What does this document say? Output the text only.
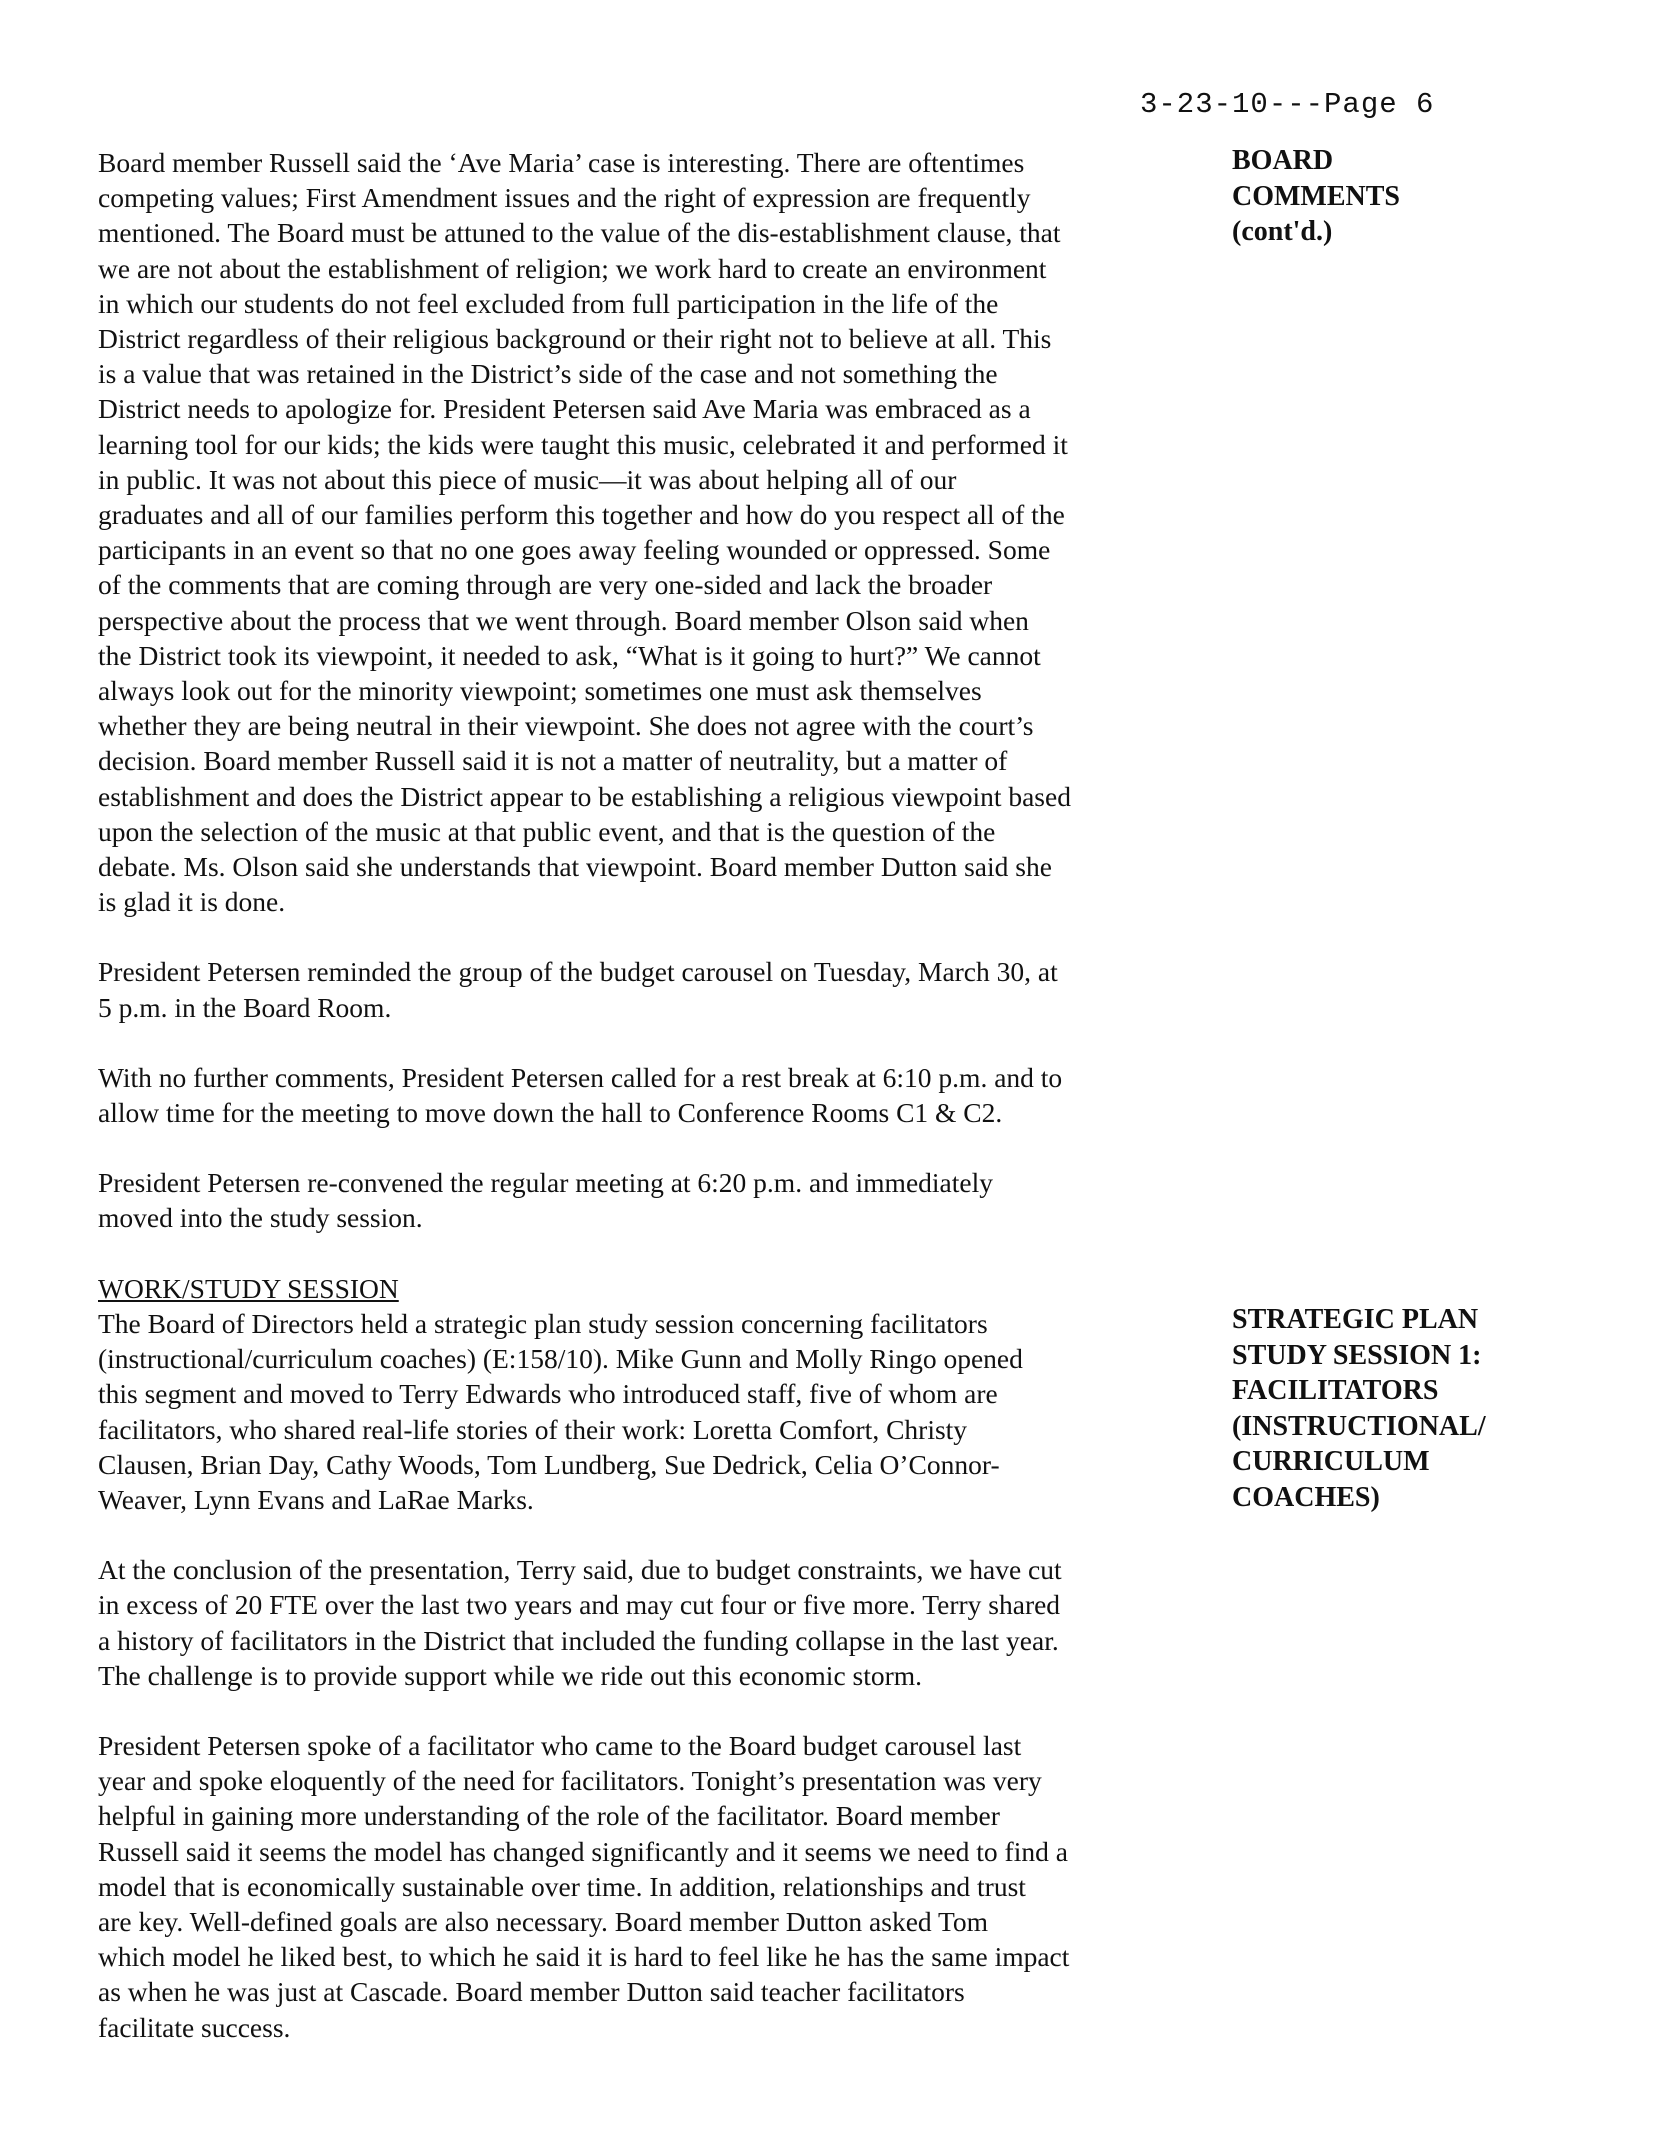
3-23-10---Page 6
BOARD
COMMENTS
(cont'd.)
STRATEGIC PLAN
STUDY SESSION 1:
FACILITATORS
(INSTRUCTIONAL/
CURRICULUM
COACHES)

Board member Russell said the ‘Ave Maria’ case is interesting. There are oftentimes
competing values; First Amendment issues and the right of expression are frequently
mentioned. The Board must be attuned to the value of the dis-establishment clause, that
we are not about the establishment of religion; we work hard to create an environment
in which our students do not feel excluded from full participation in the life of the
District regardless of their religious background or their right not to believe at all. This
is a value that was retained in the District’s side of the case and not something the
District needs to apologize for. President Petersen said Ave Maria was embraced as a
learning tool for our kids; the kids were taught this music, celebrated it and performed it
in public. It was not about this piece of music—it was about helping all of our
graduates and all of our families perform this together and how do you respect all of the
participants in an event so that no one goes away feeling wounded or oppressed. Some
of the comments that are coming through are very one-sided and lack the broader
perspective about the process that we went through. Board member Olson said when
the District took its viewpoint, it needed to ask, “What is it going to hurt?” We cannot
always look out for the minority viewpoint; sometimes one must ask themselves
whether they are being neutral in their viewpoint. She does not agree with the court’s
decision. Board member Russell said it is not a matter of neutrality, but a matter of
establishment and does the District appear to be establishing a religious viewpoint based
upon the selection of the music at that public event, and that is the question of the
debate. Ms. Olson said she understands that viewpoint. Board member Dutton said she
is glad it is done.

President Petersen reminded the group of the budget carousel on Tuesday, March 30, at
5 p.m. in the Board Room.

With no further comments, President Petersen called for a rest break at 6:10 p.m. and to
allow time for the meeting to move down the hall to Conference Rooms C1 & C2.

President Petersen re-convened the regular meeting at 6:20 p.m. and immediately
moved into the study session.

WORK/STUDY SESSION

The Board of Directors held a strategic plan study session concerning facilitators
(instructional/curriculum coaches) (E:158/10). Mike Gunn and Molly Ringo opened
this segment and moved to Terry Edwards who introduced staff, five of whom are
facilitators, who shared real-life stories of their work: Loretta Comfort, Christy
Clausen, Brian Day, Cathy Woods, Tom Lundberg, Sue Dedrick, Celia O’Connor-
Weaver, Lynn Evans and LaRae Marks.

At the conclusion of the presentation, Terry said, due to budget constraints, we have cut
in excess of 20 FTE over the last two years and may cut four or five more. Terry shared
a history of facilitators in the District that included the funding collapse in the last year.
The challenge is to provide support while we ride out this economic storm.

President Petersen spoke of a facilitator who came to the Board budget carousel last
year and spoke eloquently of the need for facilitators. Tonight’s presentation was very
helpful in gaining more understanding of the role of the facilitator. Board member
Russell said it seems the model has changed significantly and it seems we need to find a
model that is economically sustainable over time. In addition, relationships and trust
are key. Well-defined goals are also necessary. Board member Dutton asked Tom
which model he liked best, to which he said it is hard to feel like he has the same impact
as when he was just at Cascade. Board member Dutton said teacher facilitators
facilitate success.
